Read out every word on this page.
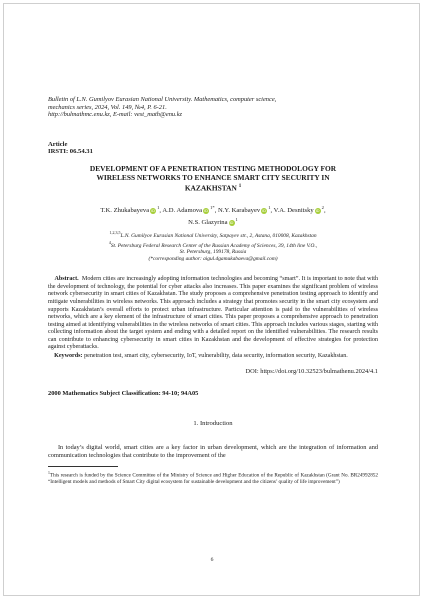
Bulletin of L.N. Gumilyov Eurasian National University. Mathematics, computer science,
mechanics series, 2024, Vol. 149, №4, P. 6-21.
http://bulmathmc.enu.kz, E-mail: vest_math@enu.kz
Article
IRSTI: 06.54.31
DEVELOPMENT OF A PENETRATION TESTING METHODOLOGY FOR
WIRELESS NETWORKS TO ENHANCE SMART CITY SECURITY IN
KAZAKHSTAN $^1$
T.K. Zhukabayeva $iD^1$, A.D. Adamova $iD^{1*}$, N.Y. Karabayev $iD^1$, V.A. Desnitsky $iD^2$,
N.S. Glazyrina $iD^1$
$^{1,2,3,5}$L.N. Gumilyov Eurasian National University, Satpayev str., 2, Astana, 010008, Kazakhstan
$^4$St. Petersburg Federal Research Center of the Russian Academy of Sciences, 39, 14th line V.O.,
St. Petersburg, 199178, Russia
(*corresponding author: aigul.dgamukabaeva@gmail.com)
Abstract. Modern cities are increasingly adopting information technologies and becoming “smart”. It is important to note that with the development of technology, the potential for cyber attacks also increases. This paper examines the significant problem of wireless network cybersecurity in smart cities of Kazakhstan. The study proposes a comprehensive penetration testing approach to identify and mitigate vulnerabilities in wireless networks. This approach includes a strategy that promotes security in the smart city ecosystem and supports Kazakhstan’s overall efforts to protect urban infrastructure. Particular attention is paid to the vulnerabilities of wireless networks, which are a key element of the infrastructure of smart cities. This paper proposes a comprehensive approach to penetration testing aimed at identifying vulnerabilities in the wireless networks of smart cities. This approach includes various stages, starting with collecting information about the target system and ending with a detailed report on the identified vulnerabilities. The research results can contribute to enhancing cybersecurity in smart cities in Kazakhstan and the development of effective strategies for protection against cyberattacks.
Keywords: penetration test, smart city, cybersecurity, IoT, vulnerability, data security, information security, Kazakhstan.
DOI: https://doi.org/10.32523/bulmathenu.2024/4.1
2000 Mathematics Subject Classification: 94-10; 94A05
1. Introduction
In today’s digital world, smart cities are a key factor in urban development, which are the integration of information and communication technologies that contribute to the improvement of the
$^1$This research is funded by the Science Committee of the Ministry of Science and Higher Education of the Republic of Kazakhstan (Grant No. BR24992852 “Intelligent models and methods of Smart City digital ecosystem for sustainable development and the citizens’ quality of life improvement”)
6
